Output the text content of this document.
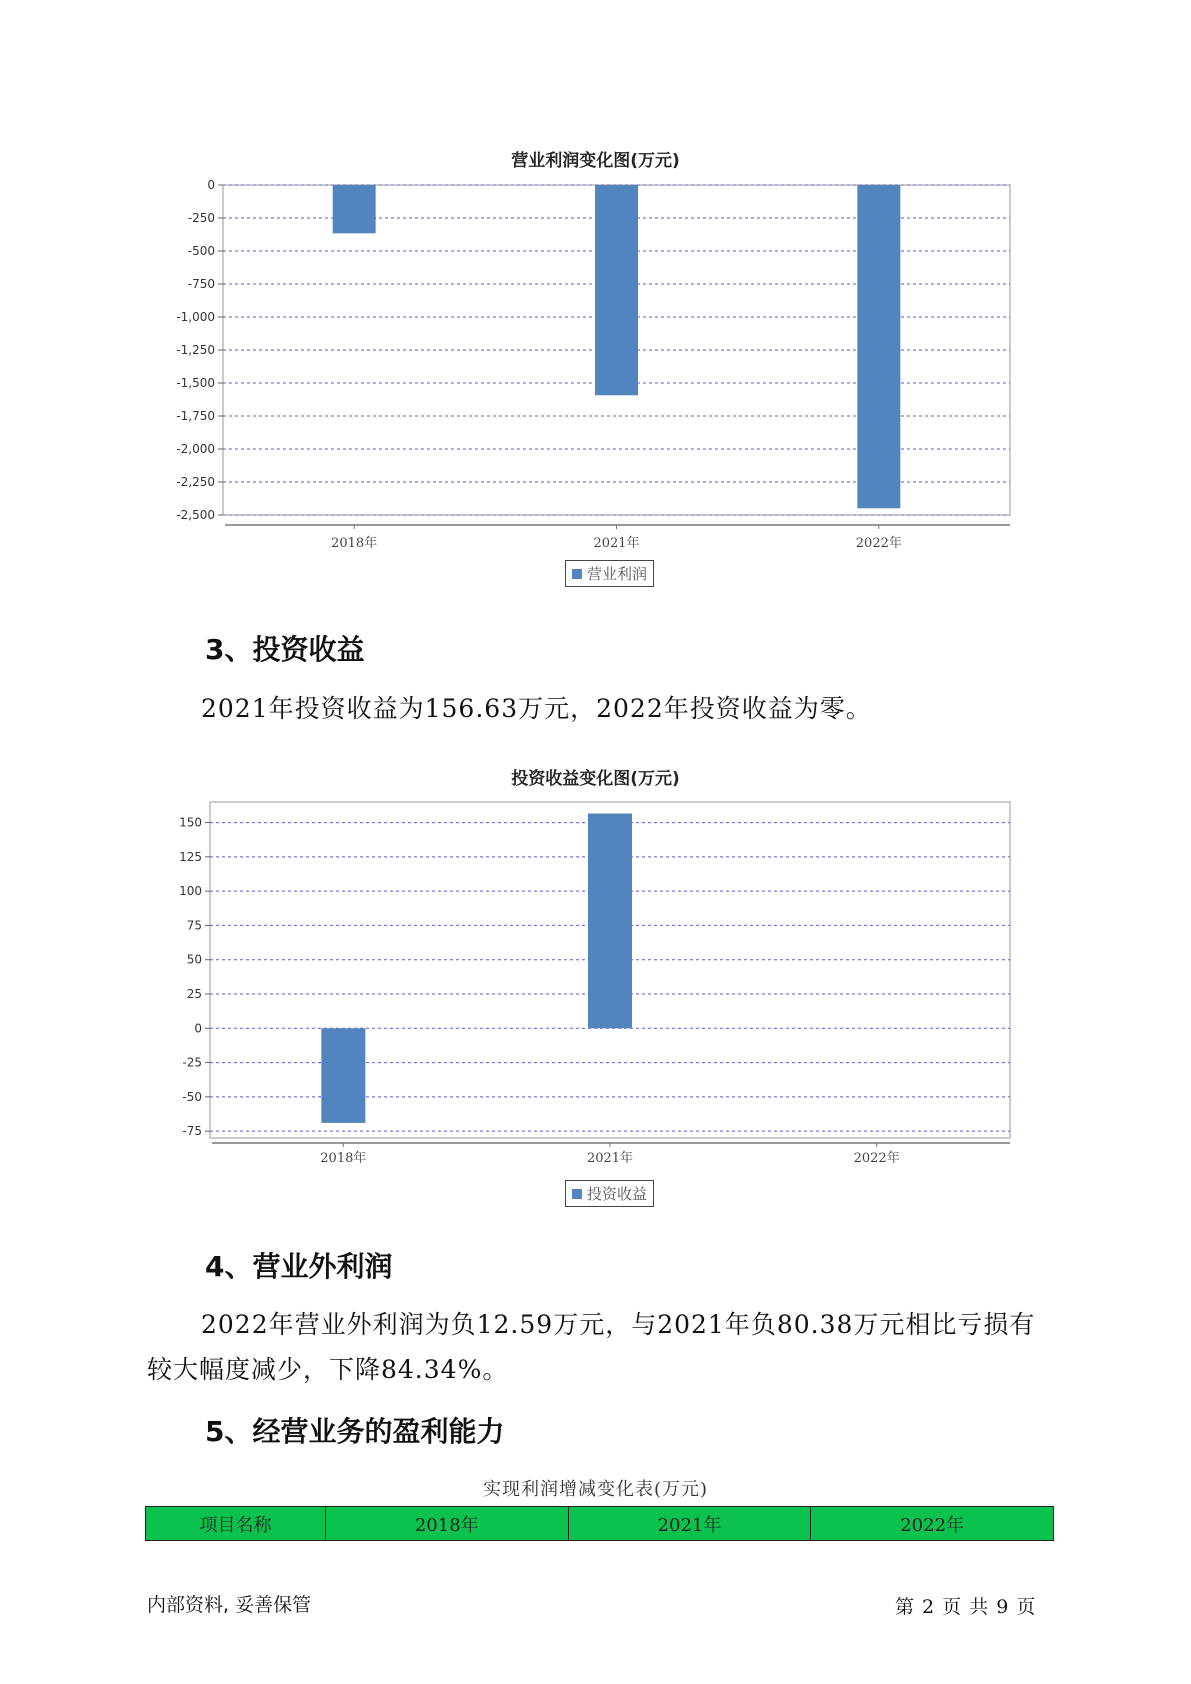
营业利润变化图(万元)
0
-250
-500
-750
-1,000
-1,250
-1,500
-1,750
-2,000
-2,250
-2,500
2018年	2021年	2022年
营业利润
3、投资收益

2021年投资收益为156.63万元，2022年投资收益为零。

投资收益变化图(万元)
150
125
100
75
50
25
0
-25
-50
-75
2018年	2021年	2022年
投资收益
4、营业外利润

2022年营业外利润为负12.59万元，与2021年负80.38万元相比亏损有较大幅度减少，下降84.34%。

5、经营业务的盈利能力
实现利润增减变化表(万元)
项目名称	2018年	2021年	2022年
内部资料, 妥善保管	第 2 页 共 9 页
